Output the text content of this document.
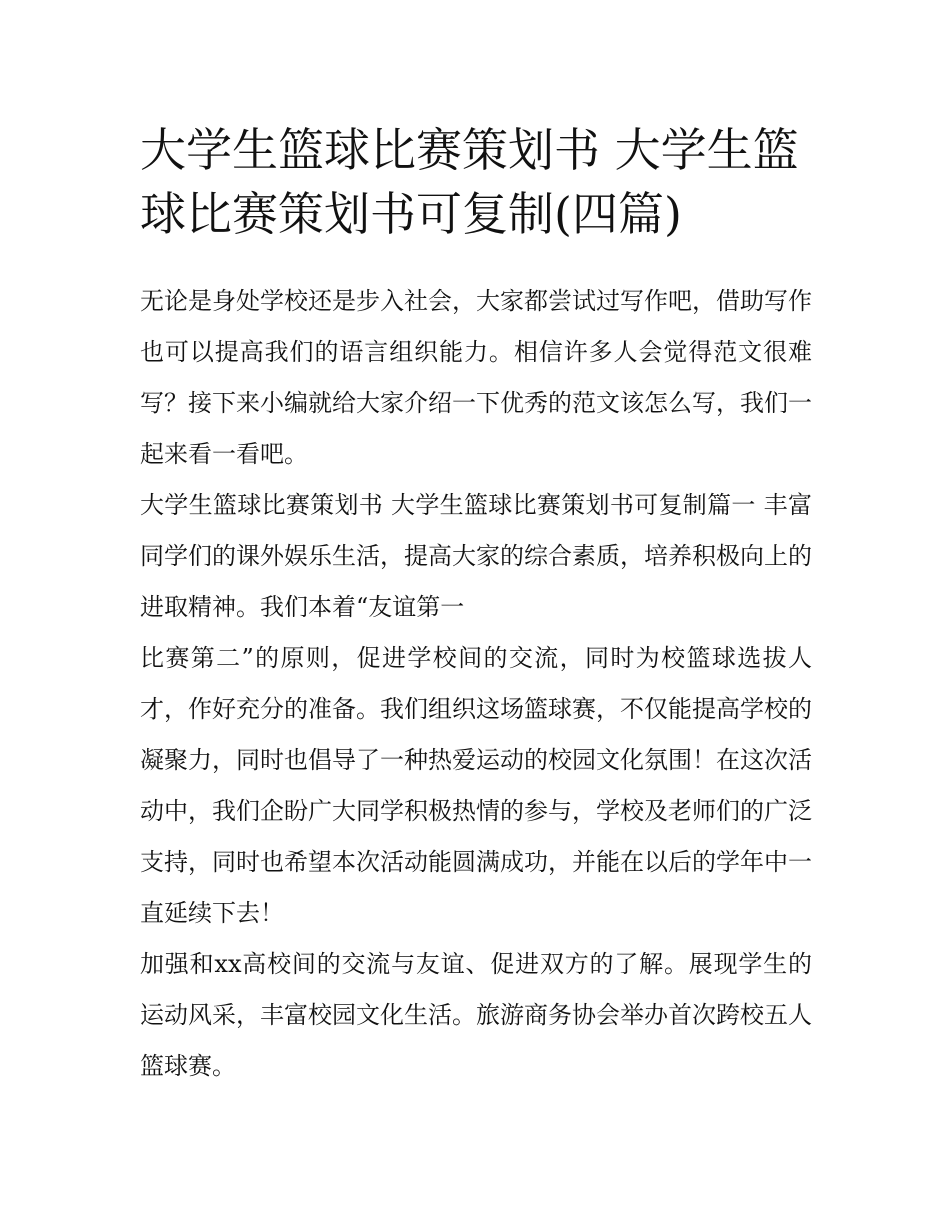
大学生篮球比赛策划书 大学生篮球比赛策划书可复制(四篇)

无论是身处学校还是步入社会，大家都尝试过写作吧，借助写作也可以提高我们的语言组织能力。相信许多人会觉得范文很难写？接下来小编就给大家介绍一下优秀的范文该怎么写，我们一起来看一看吧。

大学生篮球比赛策划书 大学生篮球比赛策划书可复制篇一 丰富同学们的课外娱乐生活，提高大家的综合素质，培养积极向上的进取精神。我们本着“友谊第一

比赛第二”的原则，促进学校间的交流，同时为校篮球选拔人才，作好充分的准备。我们组织这场篮球赛，不仅能提高学校的凝聚力，同时也倡导了一种热爱运动的校园文化氛围！在这次活动中，我们企盼广大同学积极热情的参与，学校及老师们的广泛支持，同时也希望本次活动能圆满成功，并能在以后的学年中一直延续下去！

加强和xx高校间的交流与友谊、促进双方的了解。展现学生的运动风采，丰富校园文化生活。旅游商务协会举办首次跨校五人篮球赛。
